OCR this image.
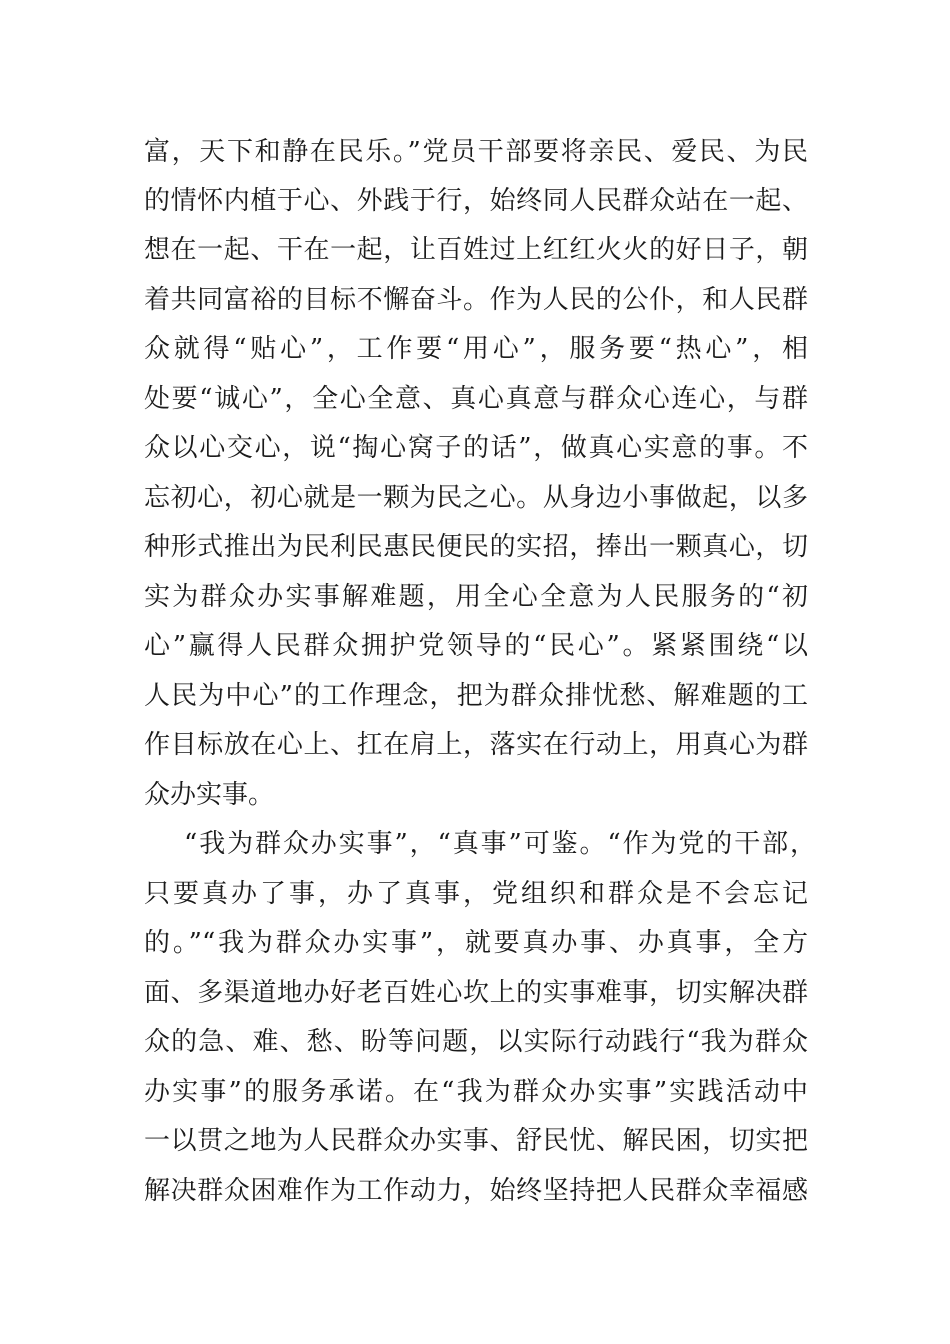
富，天下和静在民乐。”党员干部要将亲民、爱民、为民
的情怀内植于心、外践于行，始终同人民群众站在一起、
想在一起、干在一起，让百姓过上红红火火的好日子，朝
着共同富裕的目标不懈奋斗。作为人民的公仆，和人民群
众就得“贴心”，工作要“用心”，服务要“热心”，相
处要“诚心”，全心全意、真心真意与群众心连心，与群
众以心交心，说“掏心窝子的话”，做真心实意的事。不
忘初心，初心就是一颗为民之心。从身边小事做起，以多
种形式推出为民利民惠民便民的实招，捧出一颗真心，切
实为群众办实事解难题，用全心全意为人民服务的“初
心”赢得人民群众拥护党领导的“民心”。紧紧围绕“以
人民为中心”的工作理念，把为群众排忧愁、解难题的工
作目标放在心上、扛在肩上，落实在行动上，用真心为群
众办实事。
“我为群众办实事”，“真事”可鉴。“作为党的干部，
只要真办了事，办了真事，党组织和群众是不会忘记
的。”“我为群众办实事”，就要真办事、办真事，全方
面、多渠道地办好老百姓心坎上的实事难事，切实解决群
众的急、难、愁、盼等问题，以实际行动践行“我为群众
办实事”的服务承诺。在“我为群众办实事”实践活动中
一以贯之地为人民群众办实事、舒民忧、解民困，切实把
解决群众困难作为工作动力，始终坚持把人民群众幸福感
